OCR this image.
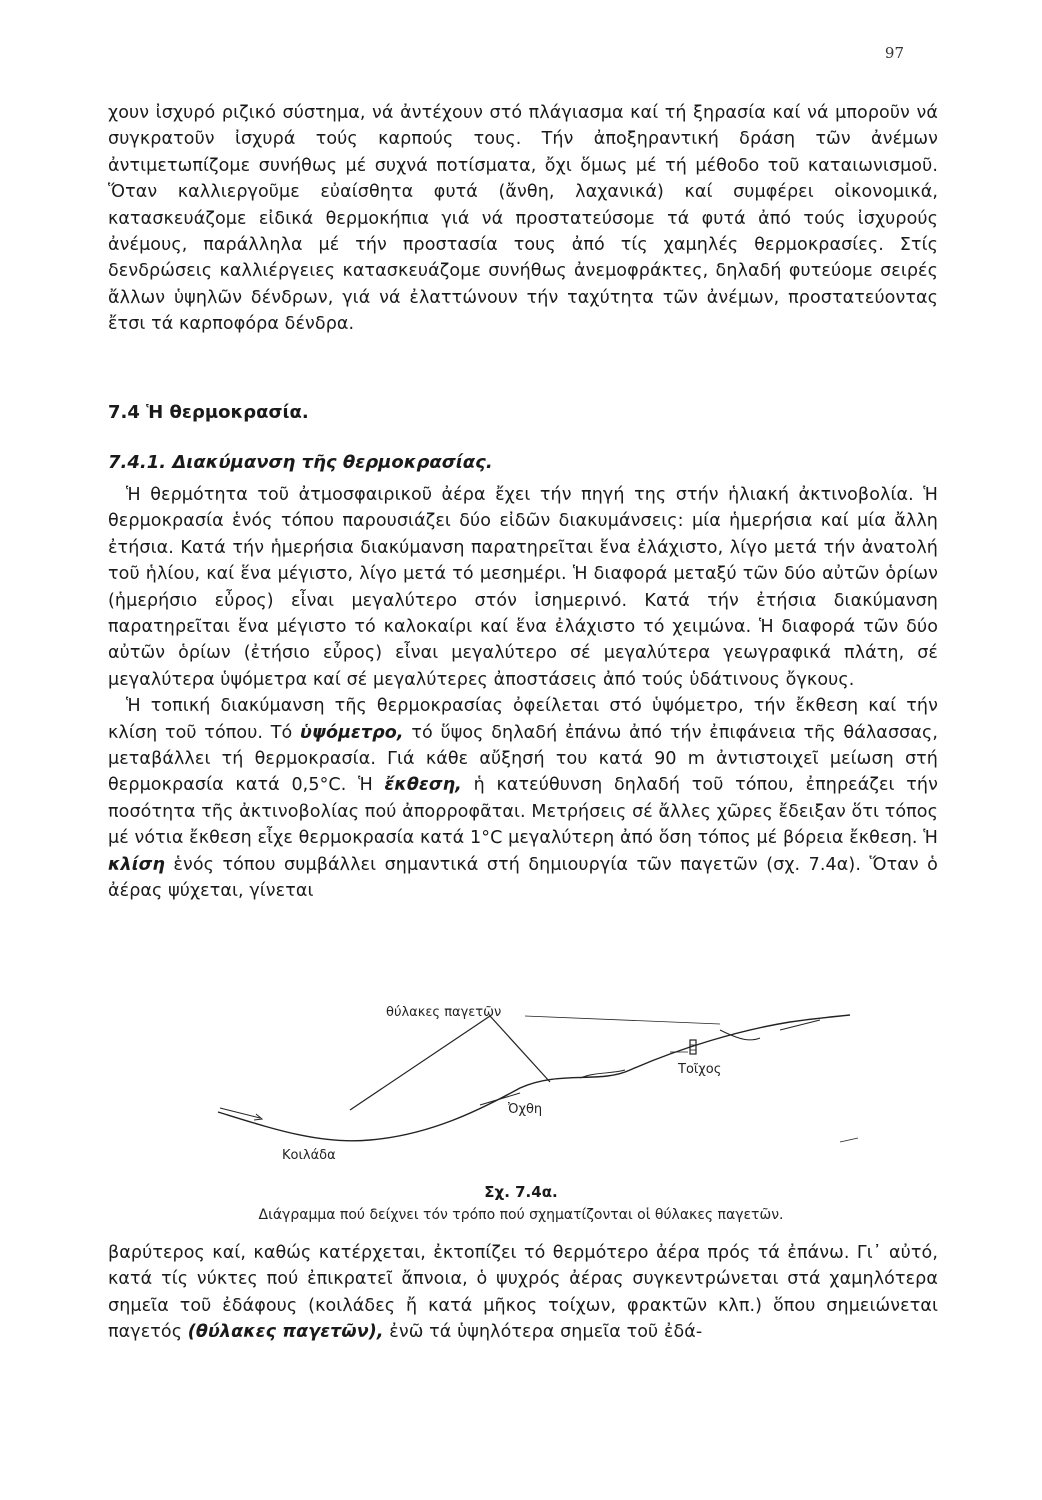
97

χουν ἰσχυρό ριζικό σύστημα, νά ἀντέχουν στό πλάγιασμα καί τή ξηρασία καί νά μποροῦν νά συγκρατοῦν ἰσχυρά τούς καρπούς τους. Τήν ἀποξηραντική δράση τῶν ἀνέμων ἀντιμετωπίζομε συνήθως μέ συχνά ποτίσματα, ὄχι ὅμως μέ τή μέθοδο τοῦ καταιωνισμοῦ. Ὅταν καλλιεργοῦμε εὐαίσθητα φυτά (ἄνθη, λαχανικά) καί συμφέρει οἰκονομικά, κατασκευάζομε εἰδικά θερμοκήπια γιά νά προστατεύσομε τά φυτά ἀπό τούς ἰσχυρούς ἀνέμους, παράλληλα μέ τήν προστασία τους ἀπό τίς χαμηλές θερμοκρασίες. Στίς δενδρώσεις καλλιέργειες κατασκευάζομε συνήθως ἀνεμοφράκτες, δηλαδή φυτεύομε σειρές ἄλλων ὑψηλῶν δένδρων, γιά νά ἐλαττώνουν τήν ταχύτητα τῶν ἀνέμων, προστατεύοντας ἔτσι τά καρποφόρα δένδρα.

7.4 Ἡ θερμοκρασία.
7.4.1. Διακύμανση τῆς θερμοκρασίας.

Ἡ θερμότητα τοῦ ἀτμοσφαιρικοῦ ἀέρα ἔχει τήν πηγή της στήν ἡλιακή ἀκτινοβολία. Ἡ θερμοκρασία ἑνός τόπου παρουσιάζει δύο εἰδῶν διακυμάνσεις: μία ἡμερήσια καί μία ἄλλη ἐτήσια. Κατά τήν ἡμερήσια διακύμανση παρατηρεῖται ἕνα ἐλάχιστο, λίγο μετά τήν ἀνατολή τοῦ ἡλίου, καί ἕνα μέγιστο, λίγο μετά τό μεσημέρι. Ἡ διαφορά μεταξύ τῶν δύο αὐτῶν ὁρίων (ἡμερήσιο εὖρος) εἶναι μεγαλύτερο στόν ἰσημερινό. Κατά τήν ἐτήσια διακύμανση παρατηρεῖται ἕνα μέγιστο τό καλοκαίρι καί ἕνα ἐλάχιστο τό χειμώνα. Ἡ διαφορά τῶν δύο αὐτῶν ὁρίων (ἐτήσιο εὖρος) εἶναι μεγαλύτερο σέ μεγαλύτερα γεωγραφικά πλάτη, σέ μεγαλύτερα ὑψόμετρα καί σέ μεγαλύτερες ἀποστάσεις ἀπό τούς ὑδάτινους ὄγκους.

Ἡ τοπική διακύμανση τῆς θερμοκρασίας ὀφείλεται στό ὑψόμετρο, τήν ἔκθεση καί τήν κλίση τοῦ τόπου. Τό ὑψόμετρο, τό ὕψος δηλαδή ἐπάνω ἀπό τήν ἐπιφάνεια τῆς θάλασσας, μεταβάλλει τή θερμοκρασία. Γιά κάθε αὔξησή του κατά 90 m ἀντιστοιχεῖ μείωση στή θερμοκρασία κατά 0,5°C. Ἡ ἔκθεση, ἡ κατεύθυνση δηλαδή τοῦ τόπου, ἐπηρεάζει τήν ποσότητα τῆς ἀκτινοβολίας πού ἀπορροφᾶται. Μετρήσεις σέ ἄλλες χῶρες ἔδειξαν ὅτι τόπος μέ νότια ἔκθεση εἶχε θερμοκρασία κατά 1°C μεγαλύτερη ἀπό ὅση τόπος μέ βόρεια ἔκθεση. Ἡ κλίση ἑνός τόπου συμβάλλει σημαντικά στή δημιουργία τῶν παγετῶν (σχ. 7.4α). Ὅταν ὁ ἀέρας ψύχεται, γίνεται

θύλακες παγετῶν
Τοῖχος
Ὀχθη
Κοιλάδα
Σχ. 7.4α.
Διάγραμμα πού δείχνει τόν τρόπο πού σχηματίζονται οἱ θύλακες παγετῶν.

βαρύτερος καί, καθώς κατέρχεται, ἐκτοπίζει τό θερμότερο ἀέρα πρός τά ἐπάνω. Γι᾽ αὐτό, κατά τίς νύκτες πού ἐπικρατεῖ ἄπνοια, ὁ ψυχρός ἀέρας συγκεντρώνεται στά χαμηλότερα σημεῖα τοῦ ἐδάφους (κοιλάδες ἤ κατά μῆκος τοίχων, φρακτῶν κλπ.) ὅπου σημειώνεται παγετός (θύλακες παγετῶν), ἐνῶ τά ὑψηλότερα σημεῖα τοῦ ἐδά-
